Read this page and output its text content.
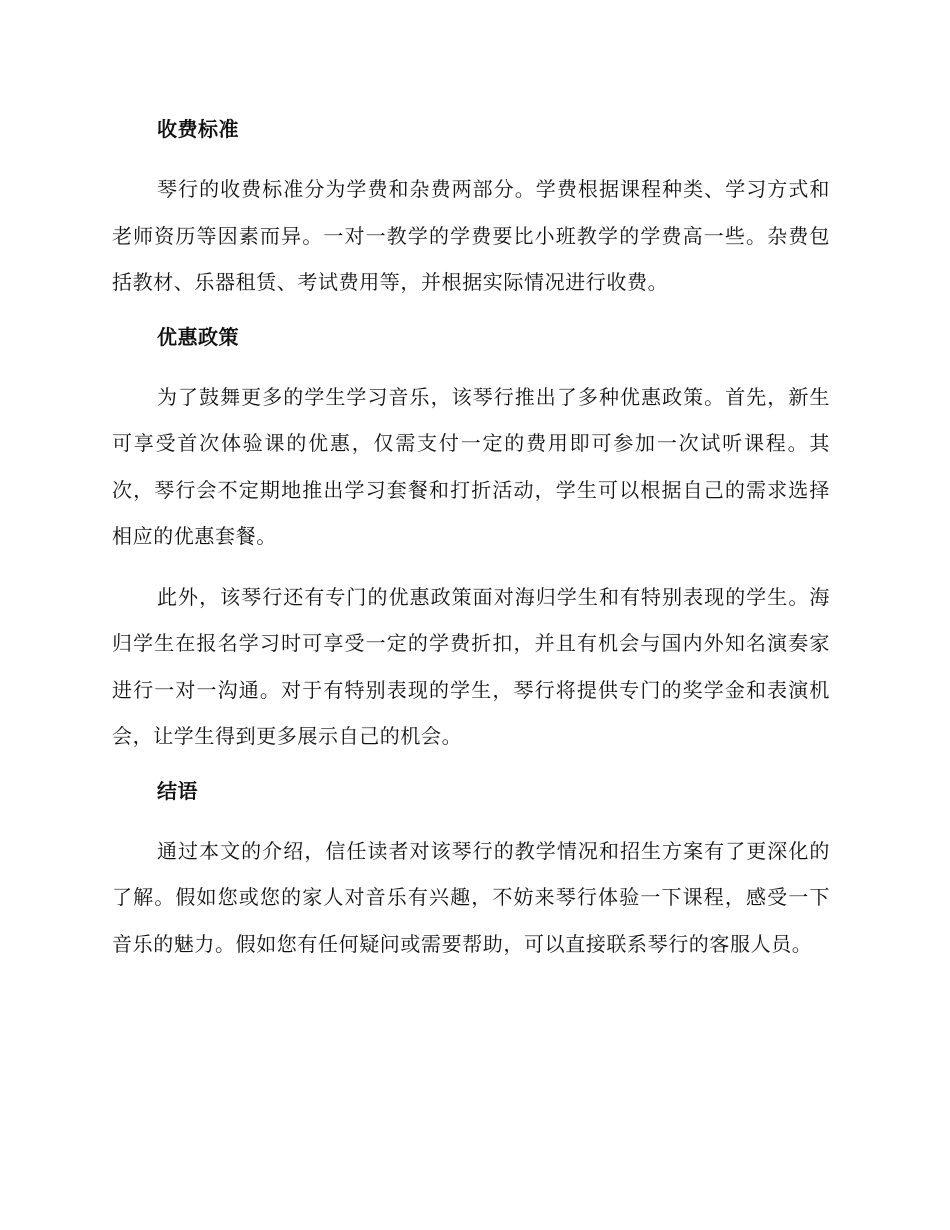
收费标准

琴行的收费标准分为学费和杂费两部分。学费根据课程种类、学习方式和老师资历等因素而异。一对一教学的学费要比小班教学的学费高一些。杂费包括教材、乐器租赁、考试费用等，并根据实际情况进行收费。

优惠政策

为了鼓舞更多的学生学习音乐，该琴行推出了多种优惠政策。首先，新生可享受首次体验课的优惠，仅需支付一定的费用即可参加一次试听课程。其次，琴行会不定期地推出学习套餐和打折活动，学生可以根据自己的需求选择相应的优惠套餐。

此外，该琴行还有专门的优惠政策面对海归学生和有特别表现的学生。海归学生在报名学习时可享受一定的学费折扣，并且有机会与国内外知名演奏家进行一对一沟通。对于有特别表现的学生，琴行将提供专门的奖学金和表演机会，让学生得到更多展示自己的机会。

结语

通过本文的介绍，信任读者对该琴行的教学情况和招生方案有了更深化的了解。假如您或您的家人对音乐有兴趣，不妨来琴行体验一下课程，感受一下音乐的魅力。假如您有任何疑问或需要帮助，可以直接联系琴行的客服人员。
